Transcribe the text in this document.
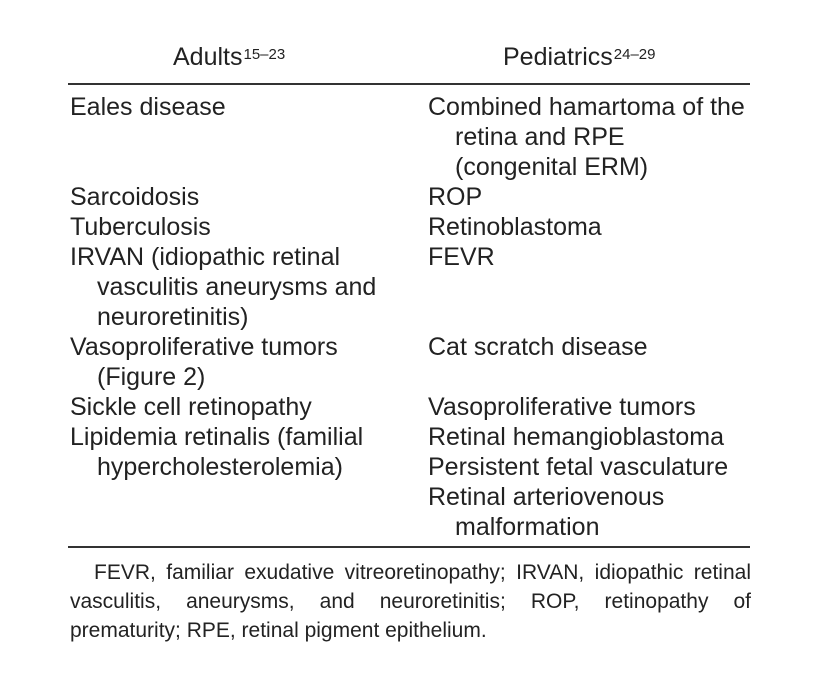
Adults$^{15-23}$	Pediatrics$^{24-29}$
Eales disease
Sarcoidosis
Tuberculosis
IRVAN (idiopathic retinal vasculitis aneurysms and neuroretinitis)
Vasoproliferative tumors (Figure 2)
Sickle cell retinopathy
Lipidemia retinalis (familial hypercholesterolemia)
Combined hamartoma of the retina and RPE (congenital ERM)
ROP
Retinoblastoma
FEVR
Cat scratch disease
Vasoproliferative tumors
Retinal hemangioblastoma
Persistent fetal vasculature
Retinal arteriovenous malformation
FEVR, familiar exudative vitreoretinopathy; IRVAN, idiopathic retinal vasculitis, aneurysms, and neuroretinitis; ROP, retinopathy of prematurity; RPE, retinal pigment epithelium.
